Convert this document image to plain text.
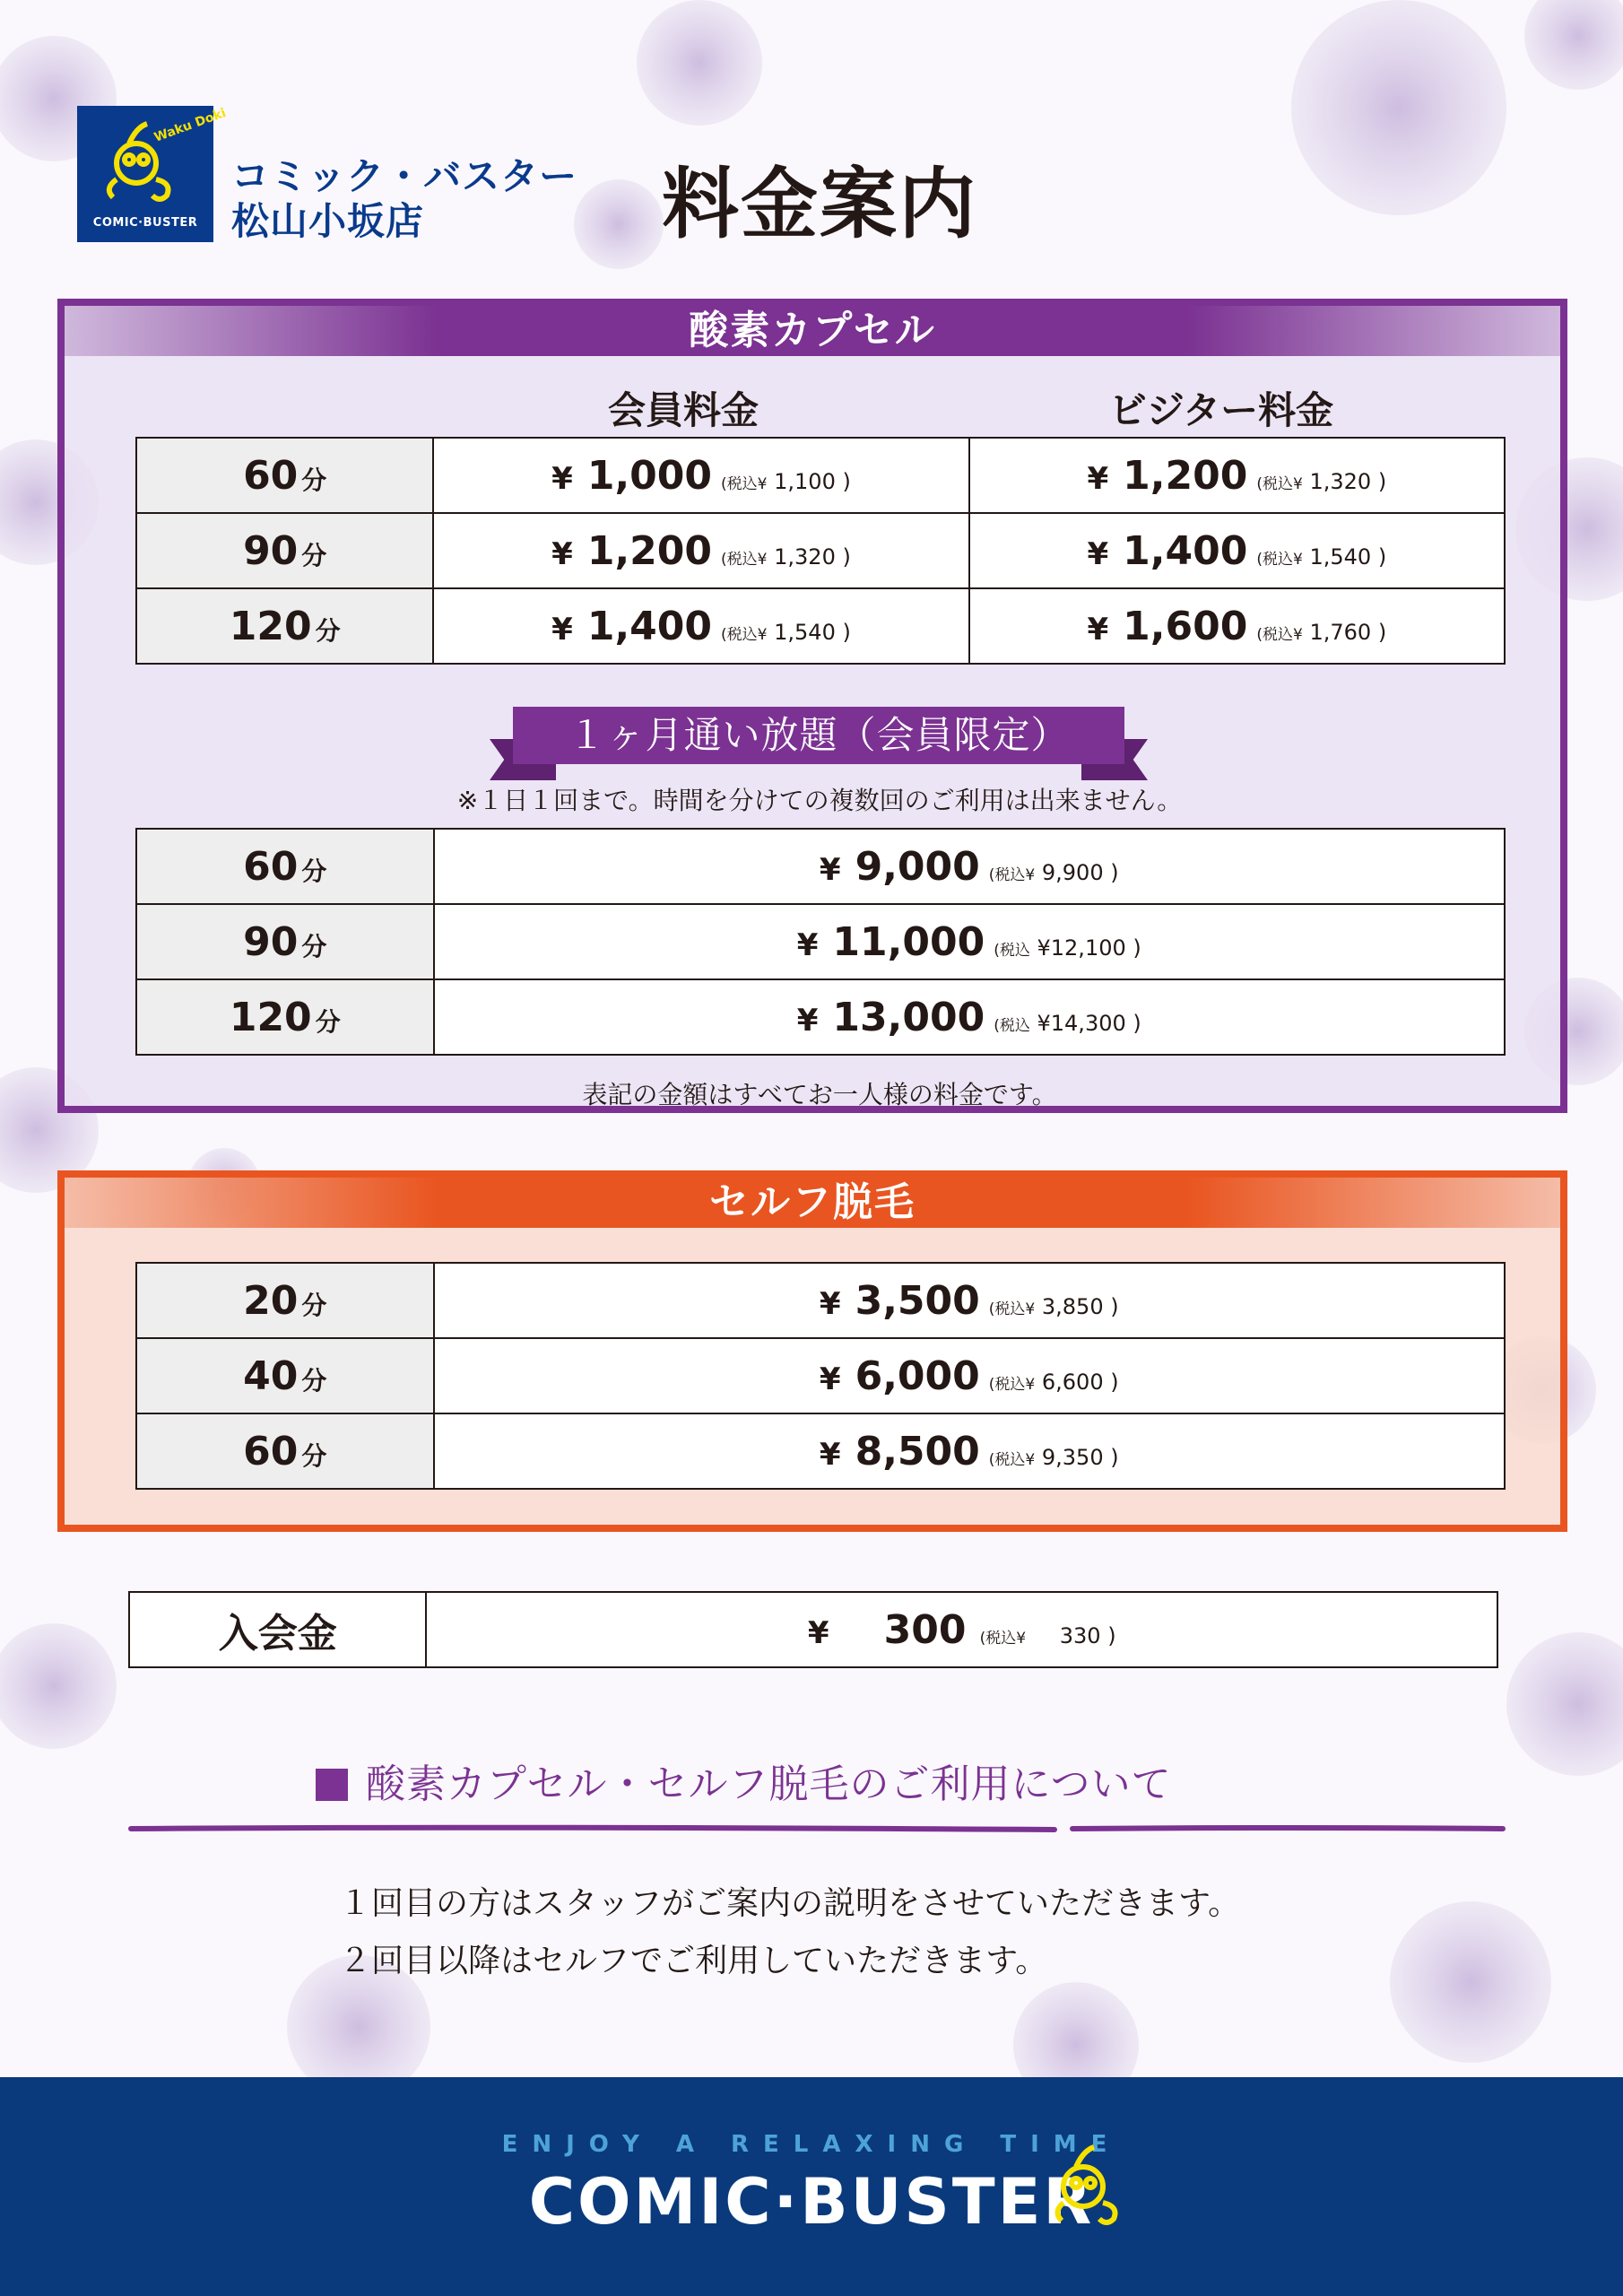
Waku Doki
COMIC·BUSTER
コミック・バスター
松山小坂店	料金案内
酸素カプセル
会員料金	ビジター料金
60 分	¥ 1,000 (税込¥ 1,100 )	¥ 1,200 (税込¥ 1,320 )
90 分	¥ 1,200 (税込¥ 1,320 )	¥ 1,400 (税込¥ 1,540 )
120 分	¥ 1,400 (税込¥ 1,540 )	¥ 1,600 (税込¥ 1,760 )
１ヶ月通い放題（会員限定）
※１日１回まで。時間を分けての複数回のご利用は出来ません。
60 分	¥ 9,000 (税込¥ 9,900 )
90 分	¥ 11,000 (税込 ¥12,100 )
120 分	¥ 13,000 (税込 ¥14,300 )
表記の金額はすべてお一人様の料金です。
セルフ脱毛
20 分	¥ 3,500 (税込¥ 3,850 )
40 分	¥ 6,000 (税込¥ 6,600 )
60 分	¥ 8,500 (税込¥ 9,350 )
入会金	¥ 300 (税込¥ 330 )
酸素カプセル・セルフ脱毛のご利用について
１回目の方はスタッフがご案内の説明をさせていただきます。
２回目以降はセルフでご利用していただきます。
ENJOY A RELAXING TIME
COMIC·BUSTER
